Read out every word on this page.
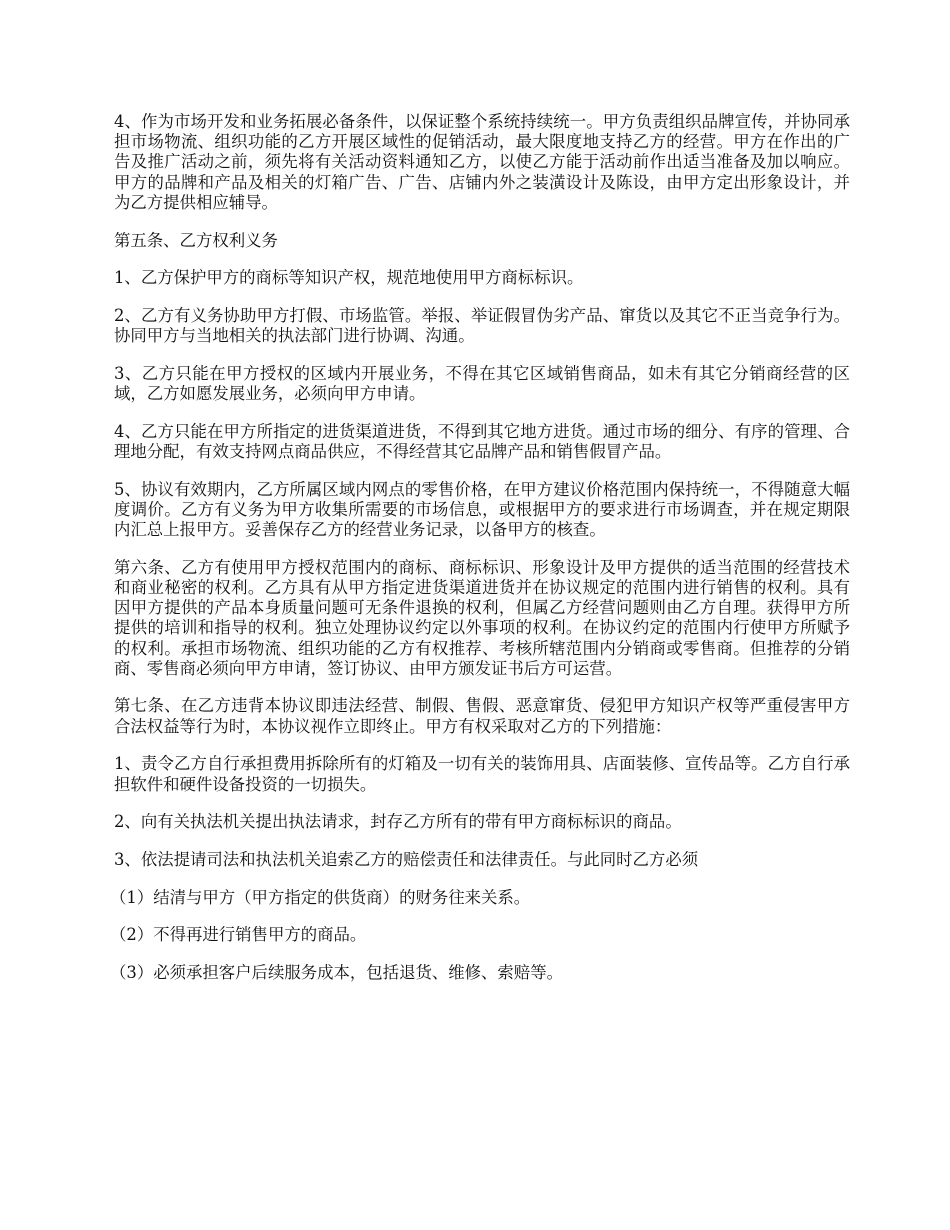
4、作为市场开发和业务拓展必备条件，以保证整个系统持续统一。甲方负责组织品牌宣传，并协同承担市场物流、组织功能的乙方开展区域性的促销活动，最大限度地支持乙方的经营。甲方在作出的广告及推广活动之前，须先将有关活动资料通知乙方，以使乙方能于活动前作出适当准备及加以响应。甲方的品牌和产品及相关的灯箱广告、广告、店铺内外之装潢设计及陈设，由甲方定出形象设计，并为乙方提供相应辅导。

第五条、乙方权利义务

1、乙方保护甲方的商标等知识产权，规范地使用甲方商标标识。

2、乙方有义务协助甲方打假、市场监管。举报、举证假冒伪劣产品、窜货以及其它不正当竞争行为。协同甲方与当地相关的执法部门进行协调、沟通。

3、乙方只能在甲方授权的区域内开展业务，不得在其它区域销售商品，如未有其它分销商经营的区域，乙方如愿发展业务，必须向甲方申请。

4、乙方只能在甲方所指定的进货渠道进货，不得到其它地方进货。通过市场的细分、有序的管理、合理地分配，有效支持网点商品供应，不得经营其它品牌产品和销售假冒产品。

5、协议有效期内，乙方所属区域内网点的零售价格，在甲方建议价格范围内保持统一，不得随意大幅度调价。乙方有义务为甲方收集所需要的市场信息，或根据甲方的要求进行市场调查，并在规定期限内汇总上报甲方。妥善保存乙方的经营业务记录，以备甲方的核查。

第六条、乙方有使用甲方授权范围内的商标、商标标识、形象设计及甲方提供的适当范围的经营技术和商业秘密的权利。乙方具有从甲方指定进货渠道进货并在协议规定的范围内进行销售的权利。具有因甲方提供的产品本身质量问题可无条件退换的权利，但属乙方经营问题则由乙方自理。获得甲方所提供的培训和指导的权利。独立处理协议约定以外事项的权利。在协议约定的范围内行使甲方所赋予的权利。承担市场物流、组织功能的乙方有权推荐、考核所辖范围内分销商或零售商。但推荐的分销商、零售商必须向甲方申请，签订协议、由甲方颁发证书后方可运营。

第七条、在乙方违背本协议即违法经营、制假、售假、恶意窜货、侵犯甲方知识产权等严重侵害甲方合法权益等行为时，本协议视作立即终止。甲方有权采取对乙方的下列措施：

1、责令乙方自行承担费用拆除所有的灯箱及一切有关的装饰用具、店面装修、宣传品等。乙方自行承担软件和硬件设备投资的一切损失。

2、向有关执法机关提出执法请求，封存乙方所有的带有甲方商标标识的商品。

3、依法提请司法和执法机关追索乙方的赔偿责任和法律责任。与此同时乙方必须

（1）结清与甲方（甲方指定的供货商）的财务往来关系。

（2）不得再进行销售甲方的商品。

（3）必须承担客户后续服务成本，包括退货、维修、索赔等。
